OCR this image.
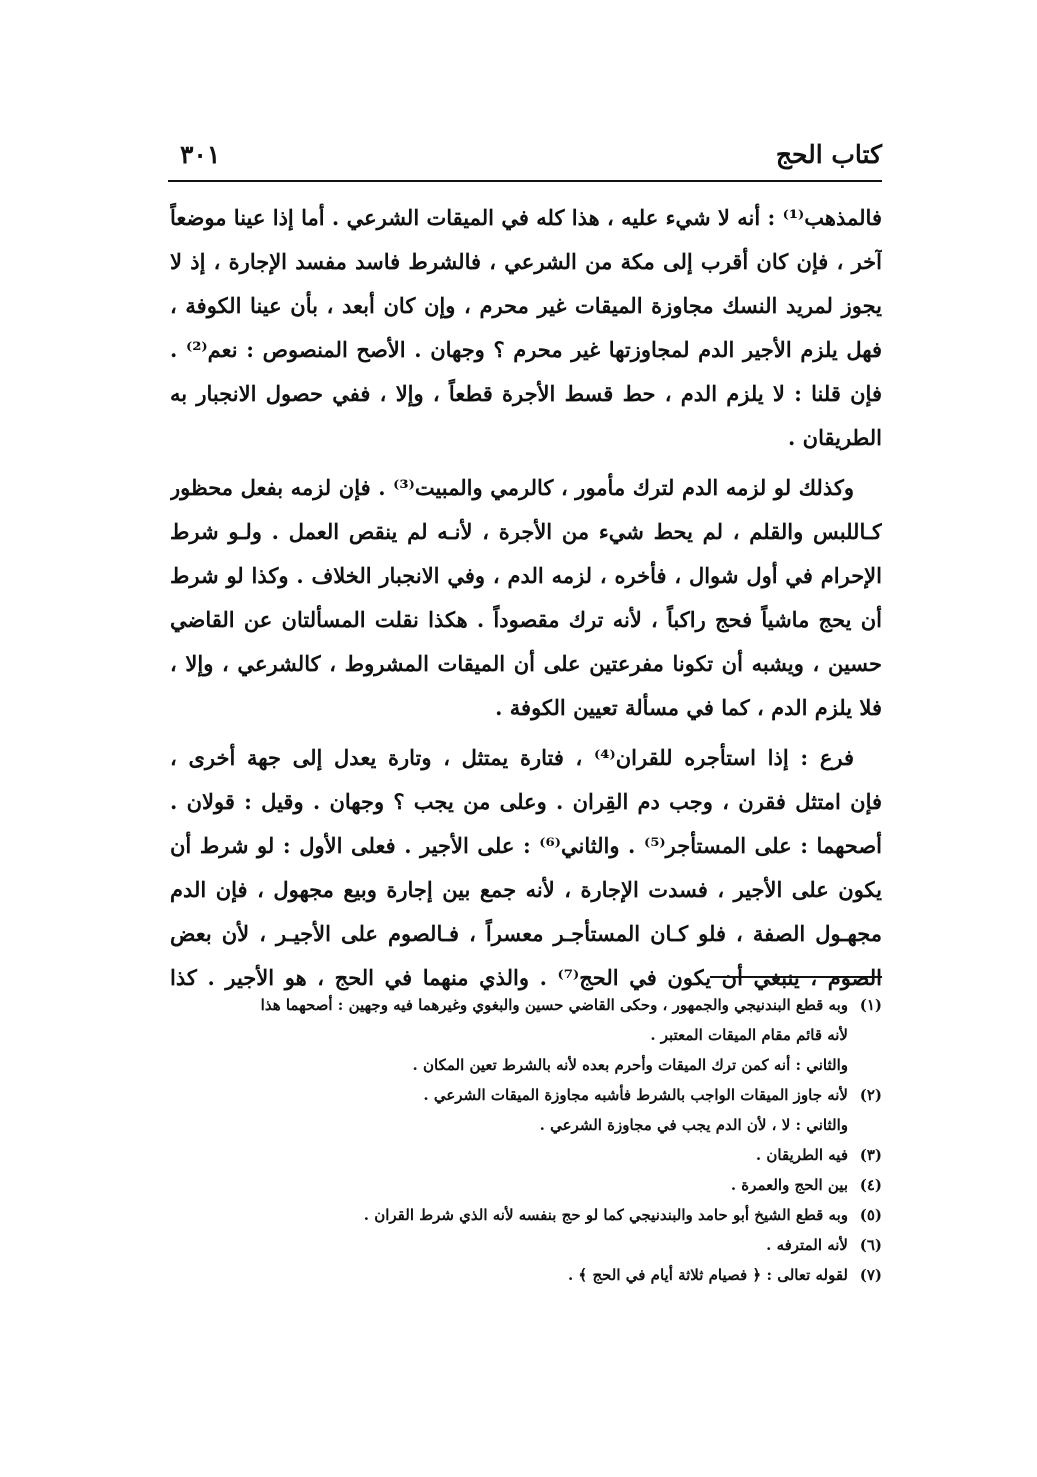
كتاب الحج
٣٠١
فالمذهب⁽¹⁾ : أنه لا شيء عليه ، هذا كله في الميقات الشرعي . أما إذا عينا موضعاً
آخر ، فإن كان أقرب إلى مكة من الشرعي ، فالشرط فاسد مفسد الإجارة ، إذ لا
يجوز لمريد النسك مجاوزة الميقات غير محرم ، وإن كان أبعد ، بأن عينا الكوفة ،
فهل يلزم الأجير الدم لمجاوزتها غير محرم ؟ وجهان . الأصح المنصوص : نعم⁽²⁾ .
فإن قلنا : لا يلزم الدم ، حط قسط الأجرة قطعاً ، وإلا ، ففي حصول الانجبار به
الطريقان .
وكذلك لو لزمه الدم لترك مأمور ، كالرمي والمبيت⁽³⁾ . فإن لزمه بفعل محظور
كـاللبس والقلم ، لم يحط شيء من الأجرة ، لأنـه لم ينقص العمل . ولـو شرط
الإحرام في أول شوال ، فأخره ، لزمه الدم ، وفي الانجبار الخلاف . وكذا لو شرط
أن يحج ماشياً فحج راكباً ، لأنه ترك مقصوداً . هكذا نقلت المسألتان عن القاضي
حسين ، ويشبه أن تكونا مفرعتين على أن الميقات المشروط ، كالشرعي ، وإلا ،
فلا يلزم الدم ، كما في مسألة تعيين الكوفة .
فرع : إذا استأجره للقران⁽⁴⁾ ، فتارة يمتثل ، وتارة يعدل إلى جهة أخرى ،
فإن امتثل فقرن ، وجب دم القِران . وعلى من يجب ؟ وجهان . وقيل : قولان .
أصحهما : على المستأجر⁽⁵⁾ . والثاني⁽⁶⁾ : على الأجير . فعلى الأول : لو شرط أن
يكون على الأجير ، فسدت الإجارة ، لأنه جمع بين إجارة وبيع مجهول ، فإن الدم
مجهـول الصفة ، فلو كـان المستأجـر معسراً ، فـالصوم على الأجيـر ، لأن بعض
الصوم ، ينبغي أن يكون في الحج⁽⁷⁾ . والذي منهما في الحج ، هو الأجير . كذا
(١)وبه قطع البندنيجي والجمهور ، وحكى القاضي حسين والبغوي وغيرهما فيه وجهين : أصحهما هذا
لأنه قائم مقام الميقات المعتبر .
والثاني : أنه كمن ترك الميقات وأحرم بعده لأنه بالشرط تعين المكان .
(٢)لأنه جاوز الميقات الواجب بالشرط فأشبه مجاوزة الميقات الشرعي .
والثاني : لا ، لأن الدم يجب في مجاوزة الشرعي .
(٣)فيه الطريقان .
(٤)بين الحج والعمرة .
(٥)وبه قطع الشيخ أبو حامد والبندنيجي كما لو حج بنفسه لأنه الذي شرط القران .
(٦)لأنه المترفه .
(٧)لقوله تعالى : ﴿ فصيام ثلاثة أيام في الحج ﴾ .
